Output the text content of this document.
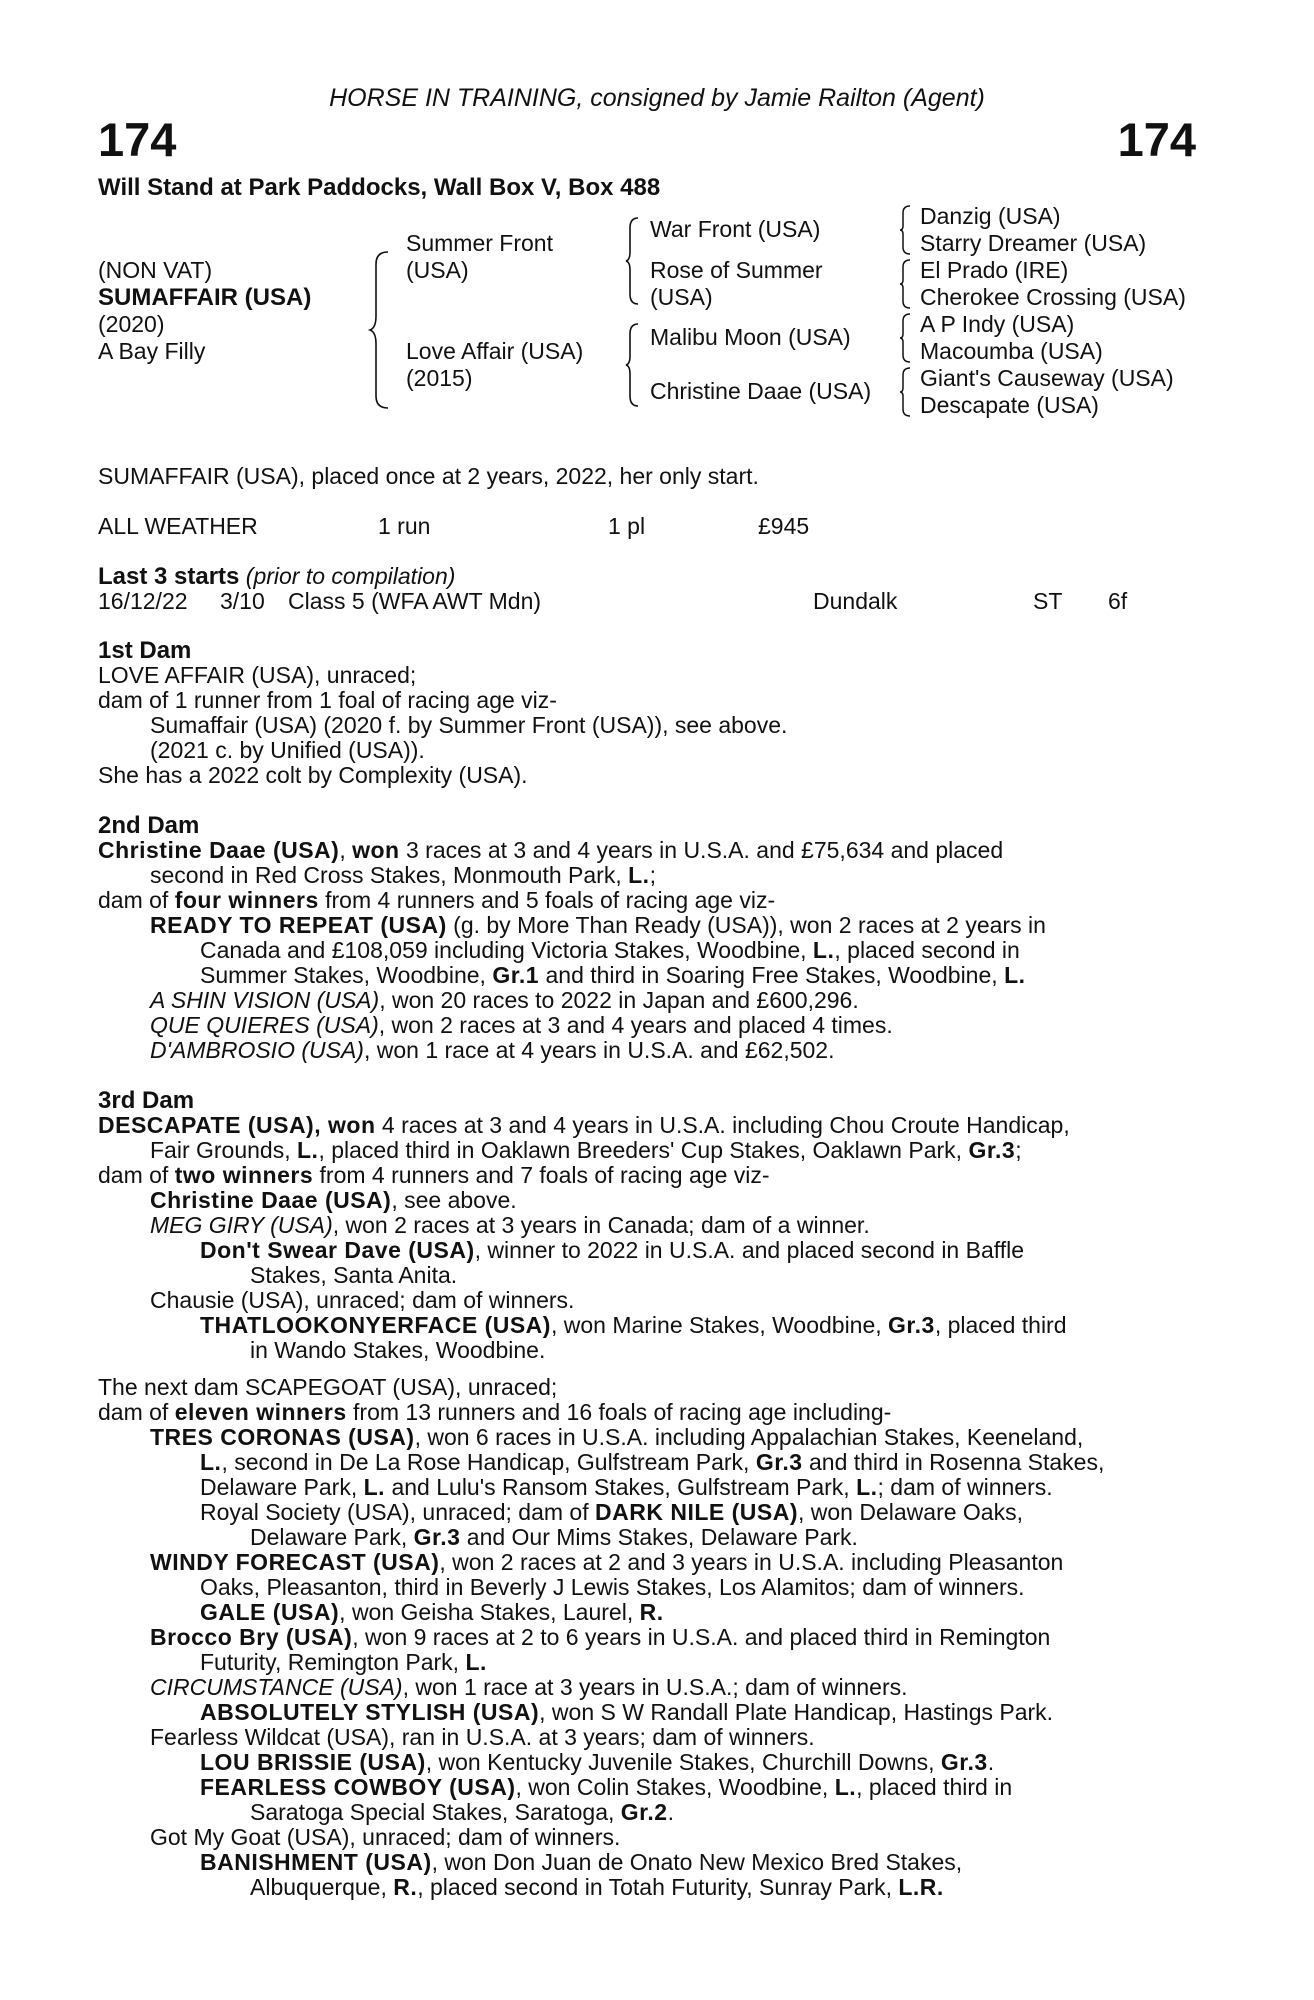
HORSE IN TRAINING, consigned by Jamie Railton (Agent)
174	174
Will Stand at Park Paddocks, Wall Box V, Box 488
(NON VAT)
SUMAFFAIR (USA)
(2020)
A Bay Filly
Summer Front
(USA)
Love Affair (USA)
(2015)
War Front (USA)
Rose of Summer
(USA)
Malibu Moon (USA)
Christine Daae (USA)
Danzig (USA)
Starry Dreamer (USA)
El Prado (IRE)
Cherokee Crossing (USA)
A P Indy (USA)
Macoumba (USA)
Giant's Causeway (USA)
Descapate (USA)
SUMAFFAIR (USA), placed once at 2 years, 2022, her only start.
ALL WEATHER	1 run	1 pl	£945
Last 3 starts (prior to compilation)
16/12/22 3/10 Class 5 (WFA AWT Mdn)	Dundalk	ST 6f
1st Dam
LOVE AFFAIR (USA), unraced;
dam of 1 runner from 1 foal of racing age viz-
Sumaffair (USA) (2020 f. by Summer Front (USA)), see above.
(2021 c. by Unified (USA)).
She has a 2022 colt by Complexity (USA).
2nd Dam
Christine Daae (USA), won 3 races at 3 and 4 years in U.S.A. and £75,634 and placed
second in Red Cross Stakes, Monmouth Park, L.;
dam of four winners from 4 runners and 5 foals of racing age viz-
READY TO REPEAT (USA) (g. by More Than Ready (USA)), won 2 races at 2 years in
Canada and £108,059 including Victoria Stakes, Woodbine, L., placed second in
Summer Stakes, Woodbine, Gr.1 and third in Soaring Free Stakes, Woodbine, L.
A SHIN VISION (USA), won 20 races to 2022 in Japan and £600,296.
QUE QUIERES (USA), won 2 races at 3 and 4 years and placed 4 times.
D'AMBROSIO (USA), won 1 race at 4 years in U.S.A. and £62,502.
3rd Dam
DESCAPATE (USA), won 4 races at 3 and 4 years in U.S.A. including Chou Croute Handicap,
Fair Grounds, L., placed third in Oaklawn Breeders' Cup Stakes, Oaklawn Park, Gr.3;
dam of two winners from 4 runners and 7 foals of racing age viz-
Christine Daae (USA), see above.
MEG GIRY (USA), won 2 races at 3 years in Canada; dam of a winner.
Don't Swear Dave (USA), winner to 2022 in U.S.A. and placed second in Baffle
Stakes, Santa Anita.
Chausie (USA), unraced; dam of winners.
THATLOOKONYERFACE (USA), won Marine Stakes, Woodbine, Gr.3, placed third
in Wando Stakes, Woodbine.
The next dam SCAPEGOAT (USA), unraced;
dam of eleven winners from 13 runners and 16 foals of racing age including-
TRES CORONAS (USA), won 6 races in U.S.A. including Appalachian Stakes, Keeneland,
L., second in De La Rose Handicap, Gulfstream Park, Gr.3 and third in Rosenna Stakes,
Delaware Park, L. and Lulu's Ransom Stakes, Gulfstream Park, L.; dam of winners.
Royal Society (USA), unraced; dam of DARK NILE (USA), won Delaware Oaks,
Delaware Park, Gr.3 and Our Mims Stakes, Delaware Park.
WINDY FORECAST (USA), won 2 races at 2 and 3 years in U.S.A. including Pleasanton
Oaks, Pleasanton, third in Beverly J Lewis Stakes, Los Alamitos; dam of winners.
GALE (USA), won Geisha Stakes, Laurel, R.
Brocco Bry (USA), won 9 races at 2 to 6 years in U.S.A. and placed third in Remington
Futurity, Remington Park, L.
CIRCUMSTANCE (USA), won 1 race at 3 years in U.S.A.; dam of winners.
ABSOLUTELY STYLISH (USA), won S W Randall Plate Handicap, Hastings Park.
Fearless Wildcat (USA), ran in U.S.A. at 3 years; dam of winners.
LOU BRISSIE (USA), won Kentucky Juvenile Stakes, Churchill Downs, Gr.3.
FEARLESS COWBOY (USA), won Colin Stakes, Woodbine, L., placed third in
Saratoga Special Stakes, Saratoga, Gr.2.
Got My Goat (USA), unraced; dam of winners.
BANISHMENT (USA), won Don Juan de Onato New Mexico Bred Stakes,
Albuquerque, R., placed second in Totah Futurity, Sunray Park, L.R.
